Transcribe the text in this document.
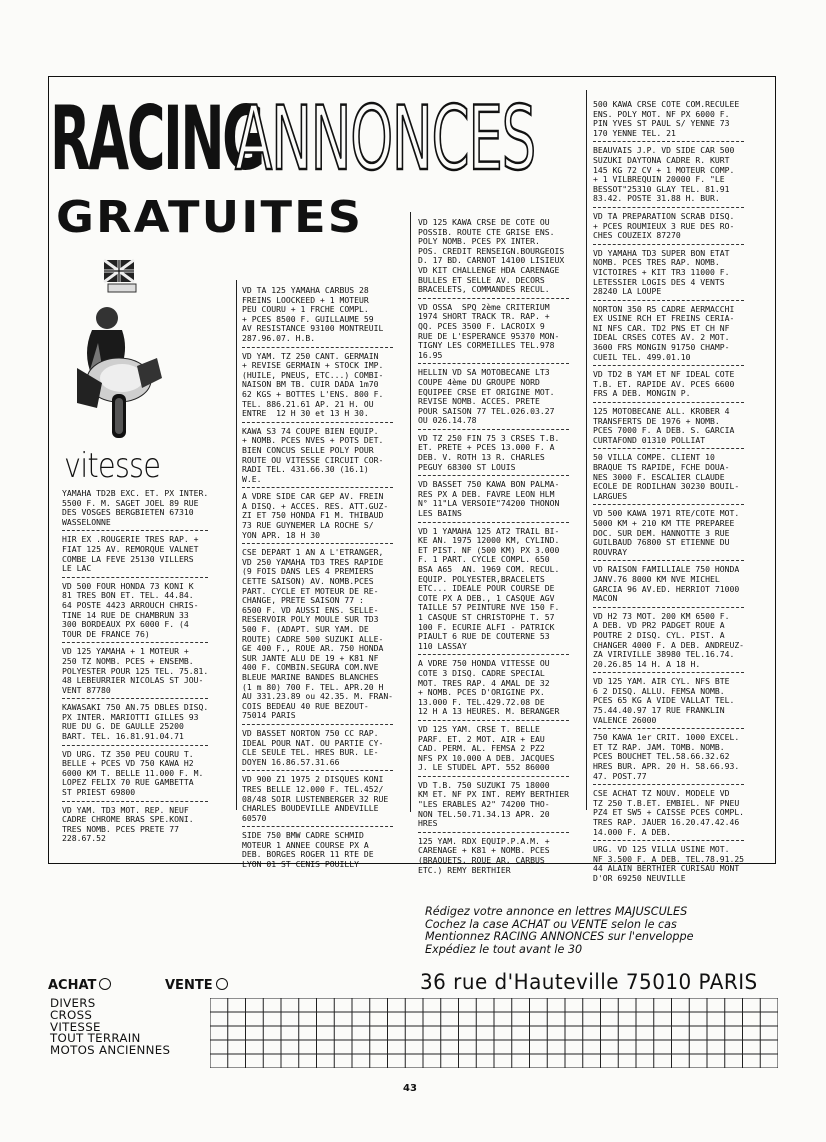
RACING
ANNONCES
GRATUITES
vitesse
YAMAHA TD2B EXC. ET. PX INTER.
5500 F. M. SAGET JOEL 89 RUE
DES VOSGES BERGBIETEN 67310
WASSELONNE
HIR EX .ROUGERIE TRES RAP. +
FIAT 125 AV. REMORQUE VALNET
COMBE LA FEVE 25130 VILLERS
LE LAC
VD 500 FOUR HONDA 73 KONI K
81 TRES BON ET. TEL. 44.84.
64 POSTE 4423 ARROUCH CHRIS-
TINE 14 RUE DE CHAMBRUN 33
300 BORDEAUX PX 6000 F. (4
TOUR DE FRANCE 76)
VD 125 YAMAHA + 1 MOTEUR +
250 TZ NOMB. PCES + ENSEMB.
POLYESTER POUR 125 TEL. 75.81.
48 LEBEURRIER NICOLAS ST JOU-
VENT 87780
KAWASAKI 750 AN.75 DBLES DISQ.
PX INTER. MARIOTTI GILLES 93
RUE DU G. DE GAULLE 25200
BART. TEL. 16.81.91.04.71
VD URG. TZ 350 PEU COURU T.
BELLE + PCES VD 750 KAWA H2
6000 KM T. BELLE 11.000 F. M.
LOPEZ FELIX 70 RUE GAMBETTA
ST PRIEST 69800
VD YAM. TD3 MOT. REP. NEUF
CADRE CHROME BRAS SPE.KONI.
TRES NOMB. PCES PRETE 77
228.67.52
VD TA 125 YAMAHA CARBUS 28
FREINS LOOCKEED + 1 MOTEUR
PEU COURU + 1 FRCHE COMPL.
+ PCES 8500 F. GUILLAUME 59
AV RESISTANCE 93100 MONTREUIL
287.96.07. H.B.
VD YAM. TZ 250 CANT. GERMAIN
+ REVISE GERMAIN + STOCK IMP.
(HUILE, PNEUS, ETC...) COMBI-
NAISON BM TB. CUIR DADA 1m70
62 KGS + BOTTES L'ENS. 800 F.
TEL. 886.21.61 AP. 21 H. OU
ENTRE  12 H 30 et 13 H 30.
KAWA S3 74 COUPE BIEN EQUIP.
+ NOMB. PCES NVES + POTS DET.
BIEN CONCUS SELLE POLY POUR
ROUTE OU VITESSE CIRCUIT COR-
RADI TEL. 431.66.30 (16.1)
W.E.
A VDRE SIDE CAR GEP AV. FREIN
A DISQ. + ACCES. RES. ATT.GUZ-
ZI ET 750 HONDA F1 M. THIBAUD
73 RUE GUYNEMER LA ROCHE S/
YON APR. 18 H 30
CSE DEPART 1 AN A L'ETRANGER,
VD 250 YAMAHA TD3 TRES RAPIDE
(9 FOIS DANS LES 4 PREMIERS
CETTE SAISON) AV. NOMB.PCES
PART. CYCLE ET MOTEUR DE RE-
CHANGE, PRETE SAISON 77 :
6500 F. VD AUSSI ENS. SELLE-
RESERVOIR POLY MOULE SUR TD3
500 F. (ADAPT. SUR YAM. DE
ROUTE) CADRE 500 SUZUKI ALLE-
GE 400 F., ROUE AR. 750 HONDA
SUR JANTE ALU DE 19 + K81 NF
400 F. COMBIN.SEGURA COM.NVE
BLEUE MARINE BANDES BLANCHES
(1 m 80) 700 F. TEL. APR.20 H
AU 331.23.89 ou 42.35. M. FRAN-
COIS BEDEAU 40 RUE BEZOUT-
75014 PARIS
VD BASSET NORTON 750 CC RAP.
IDEAL POUR NAT. OU PARTIE CY-
CLE SEULE TEL. HRES BUR. LE-
DOYEN 16.86.57.31.66
VD 900 Z1 1975 2 DISQUES KONI
TRES BELLE 12.000 F. TEL.452/
08/48 SOIR LUSTENBERGER 32 RUE
CHARLES BOUDEVILLE ANDEVILLE
60570
SIDE 750 BMW CADRE SCHMID
MOTEUR 1 ANNEE COURSE PX A
DEB. BORGES ROGER 11 RTE DE
LYON 01 ST CENIS POUILLY
VD 125 KAWA CRSE DE COTE OU
POSSIB. ROUTE CTE GRISE ENS.
POLY NOMB. PCES PX INTER.
POS. CREDIT RENSEIGN.BOURGEOIS
D. 17 BD. CARNOT 14100 LISIEUX
VD KIT CHALLENGE HDA CARENAGE
BULLES ET SELLE AV. DECORS
BRACELETS, COMMANDES RECUL.
VD OSSA  SPQ 2ème CRITERIUM
1974 SHORT TRACK TR. RAP. +
QQ. PCES 3500 F. LACROIX 9
RUE DE L'ESPERANCE 95370 MON-
TIGNY LES CORMEILLES TEL.978
16.95
HELLIN VD SA MOTOBECANE LT3
COUPE 4ème DU GROUPE NORD
EQUIPEE CRSE ET ORIGINE MOT.
REVISE NOMB. ACCES. PRETE
POUR SAISON 77 TEL.026.03.27
OU 026.14.78
VD TZ 250 FIN 75 3 CRSES T.B.
ET. PRETE + PCES 13.000 F. A
DEB. V. ROTH 13 R. CHARLES
PEGUY 68300 ST LOUIS
VD BASSET 750 KAWA BON PALMA-
RES PX A DEB. FAVRE LEON HLM
N° 11"LA VERSOIE"74200 THONON
LES BAINS
VD 1 YAMAHA 125 AT2 TRAIL BI-
KE AN. 1975 12000 KM, CYLIND.
ET PIST. NF (500 KM) PX 3.000
F. 1 PART. CYCLE COMPL. 650
BSA A65  AN. 1969 COM. RECUL.
EQUIP. POLYESTER,BRACELETS
ETC... IDEALE POUR COURSE DE
COTE PX A DEB., 1 CASQUE AGV
TAILLE 57 PEINTURE NVE 150 F.
1 CASQUE ST CHRISTOPHE T. 57
100 F. ECURIE ALFI - PATRICK
PIAULT 6 RUE DE COUTERNE 53
110 LASSAY
A VDRE 750 HONDA VITESSE OU
COTE 3 DISQ. CADRE SPECIAL
MOT. TRES RAP. 4 AMAL DE 32
+ NOMB. PCES D'ORIGINE PX.
13.000 F. TEL.429.72.08 DE
12 H A 13 HEURES. M. BERANGER
VD 125 YAM. CRSE T. BELLE
PARF. ET. 2 MOT. AIR + EAU
CAD. PERM. AL. FEMSA 2 PZ2
NFS PX 10.000 A DEB. JACQUES
J. LE STUDEL APT. 552 86000
VD T.B. 750 SUZUKI 75 18000
KM ET. NF PX INT. REMY BERTHIER
"LES ERABLES A2" 74200 THO-
NON TEL.50.71.34.13 APR. 20
HRES
125 YAM. RDX EQUIP.P.A.M. +
CARENAGE + K81 + NOMB. PCES
(BRAQUETS, ROUE AR. CARBUS
ETC.) REMY BERTHIER
500 KAWA CRSE COTE COM.RECULEE
ENS. POLY MOT. NF PX 6000 F.
PIN YVES ST PAUL S/ YENNE 73
170 YENNE TEL. 21
BEAUVAIS J.P. VD SIDE CAR 500
SUZUKI DAYTONA CADRE R. KURT
145 KG 72 CV + 1 MOTEUR COMP.
+ 1 VILBREQUIN 20000 F. "LE
BESSOT"25310 GLAY TEL. 81.91
83.42. POSTE 31.88 H. BUR.
VD TA PREPARATION SCRAB DISQ.
+ PCES ROUMIEUX 3 RUE DES RO-
CHES COUZEIX 87270
VD YAMAHA TD3 SUPER BON ETAT
NOMB. PCES TRES RAP. NOMB.
VICTOIRES + KIT TR3 11000 F.
LETESSIER LOGIS DES 4 VENTS
28240 LA LOUPE
NORTON 350 R5 CADRE AERMACCHI
EX USINE RCH ET FREINS CERIA-
NI NFS CAR. TD2 PNS ET CH NF
IDEAL CRSES COTES AV. 2 MOT.
3600 FRS MONGIN 91750 CHAMP-
CUEIL TEL. 499.01.10
VD TD2 B YAM ET NF IDEAL COTE
T.B. ET. RAPIDE AV. PCES 6600
FRS A DEB. MONGIN P.
125 MOTOBECANE ALL. KROBER 4
TRANSFERTS DE 1976 + NOMB.
PCES 7000 F. A DEB. S. GARCIA
CURTAFOND 01310 POLLIAT
50 VILLA COMPE. CLIENT 10
BRAQUE TS RAPIDE, FCHE DOUA-
NES 3000 F. ESCALIER CLAUDE
ECOLE DE RODILHAN 30230 BOUIL-
LARGUES
VD 500 KAWA 1971 RTE/COTE MOT.
5000 KM + 210 KM TTE PREPAREE
DOC. SUR DEM. HANNOTTE 3 RUE
GUILBAUD 76800 ST ETIENNE DU
ROUVRAY
VD RAISON FAMILLIALE 750 HONDA
JANV.76 8000 KM NVE MICHEL
GARCIA 96 AV.ED. HERRIOT 71000
MACON
VD H2 73 MOT. 200 KM 6500 F.
A DEB. VD PR2 PADGET ROUE A
POUTRE 2 DISQ. CYL. PIST. A
CHANGER 4000 F. A DEB. ANDREUZ-
ZA VIRIVILLE 38980 TEL.16.74.
20.26.85 14 H. A 18 H.
VD 125 YAM. AIR CYL. NFS BTE
6 2 DISQ. ALLU. FEMSA NOMB.
PCES 65 KG A VIDE VALLAT TEL.
75.44.40.97 17 RUE FRANKLIN
VALENCE 26000
750 KAWA 1er CRIT. 1000 EXCEL.
ET TZ RAP. JAM. TOMB. NOMB.
PCES BOUCHET TEL.58.66.32.62
HRES BUR. APR. 20 H. 58.66.93.
47. POST.77
CSE ACHAT TZ NOUV. MODELE VD
TZ 250 T.B.ET. EMBIEL. NF PNEU
PZ4 ET SW5 + CAISSE PCES COMPL.
TRES RAP. JAUER 16.20.47.42.46
14.000 F. A DEB.
URG. VD 125 VILLA USINE MOT.
NF 3.500 F. A DEB. TEL.78.91.25
44 ALAIN BERTHIER CURISAU MONT
D'OR 69250 NEUVILLE
Rédigez votre annonce en lettres MAJUSCULES
Cochez la case ACHAT ou VENTE selon le cas
Mentionnez RACING ANNONCES sur l'enveloppe
Expédiez le tout avant le 30
36 rue d'Hauteville 75010 PARIS
ACHAT	VENTE
DIVERS
CROSS
VITESSE
TOUT TERRAIN
MOTOS ANCIENNES
43
